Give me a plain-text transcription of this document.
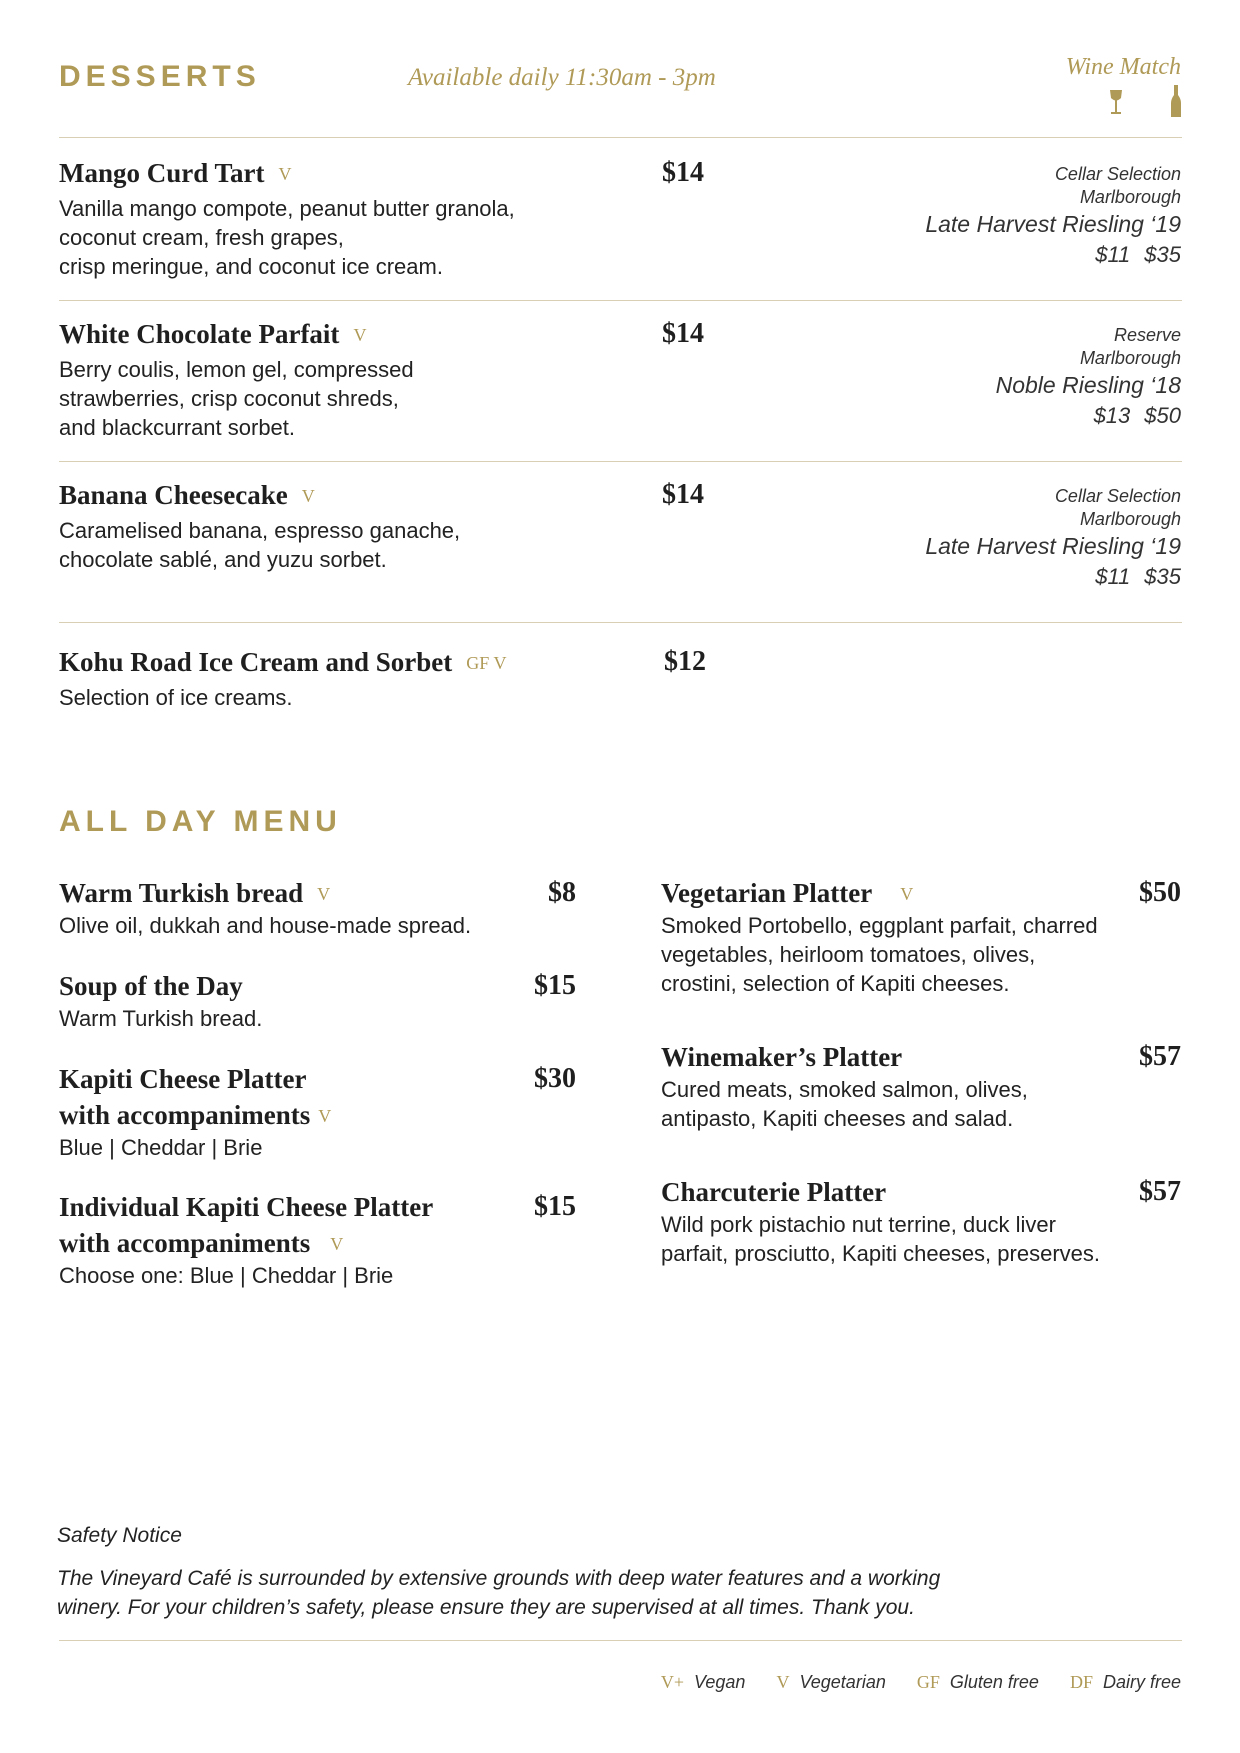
DESSERTS	Available daily 11:30am - 3pm	Wine Match

Mango Curd Tart V
Vanilla mango compote, peanut butter granola,
coconut cream, fresh grapes,
crisp meringue, and coconut ice cream.
$14	Cellar Selection
Marlborough
Late Harvest Riesling ‘19
$11 $35
White Chocolate Parfait V
Berry coulis, lemon gel, compressed
strawberries, crisp coconut shreds,
and blackcurrant sorbet.
$14	Reserve
Marlborough
Noble Riesling ‘18
$13 $50
Banana Cheesecake V
Caramelised banana, espresso ganache,
chocolate sablé, and yuzu sorbet.
$14	Cellar Selection
Marlborough
Late Harvest Riesling ‘19
$11 $35
Kohu Road Ice Cream and Sorbet GF V
Selection of ice creams.
$12
ALL DAY MENU
Warm Turkish bread V
Olive oil, dukkah and house-made spread.
$8
Soup of the Day
Warm Turkish bread.
$15
Kapiti Cheese Platter
with accompaniments V
Blue | Cheddar | Brie
$30
Individual Kapiti Cheese Platter
with accompaniments V
Choose one: Blue | Cheddar | Brie
$15
Vegetarian Platter V
Smoked Portobello, eggplant parfait, charred
vegetables, heirloom tomatoes, olives,
crostini, selection of Kapiti cheeses.
$50
Winemaker’s Platter
Cured meats, smoked salmon, olives,
antipasto, Kapiti cheeses and salad.
$57
Charcuterie Platter
Wild pork pistachio nut terrine, duck liver
parfait, prosciutto, Kapiti cheeses, preserves.
$57
Safety Notice
The Vineyard Café is surrounded by extensive grounds with deep water features and a working
winery. For your children’s safety, please ensure they are supervised at all times. Thank you.
V+ Vegan V Vegetarian GF Gluten free DF Dairy free
